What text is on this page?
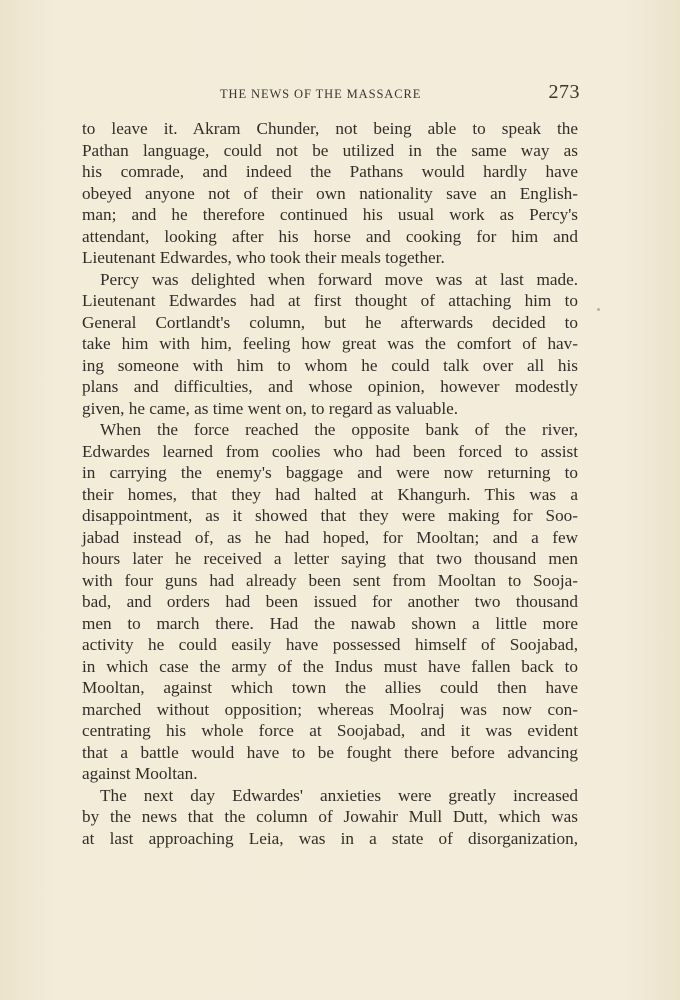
THE NEWS OF THE MASSACRE	273
to leave it. Akram Chunder, not being able to speak the
Pathan language, could not be utilized in the same way as
his comrade, and indeed the Pathans would hardly have
obeyed anyone not of their own nationality save an English-
man; and he therefore continued his usual work as Percy's
attendant, looking after his horse and cooking for him and
Lieutenant Edwardes, who took their meals together.
Percy was delighted when forward move was at last made.
Lieutenant Edwardes had at first thought of attaching him to
General Cortlandt's column, but he afterwards decided to
take him with him, feeling how great was the comfort of hav-
ing someone with him to whom he could talk over all his
plans and difficulties, and whose opinion, however modestly
given, he came, as time went on, to regard as valuable.
When the force reached the opposite bank of the river,
Edwardes learned from coolies who had been forced to assist
in carrying the enemy's baggage and were now returning to
their homes, that they had halted at Khangurh. This was a
disappointment, as it showed that they were making for Soo-
jabad instead of, as he had hoped, for Mooltan; and a few
hours later he received a letter saying that two thousand men
with four guns had already been sent from Mooltan to Sooja-
bad, and orders had been issued for another two thousand
men to march there. Had the nawab shown a little more
activity he could easily have possessed himself of Soojabad,
in which case the army of the Indus must have fallen back to
Mooltan, against which town the allies could then have
marched without opposition; whereas Moolraj was now con-
centrating his whole force at Soojabad, and it was evident
that a battle would have to be fought there before advancing
against Mooltan.
The next day Edwardes' anxieties were greatly increased
by the news that the column of Jowahir Mull Dutt, which was
at last approaching Leia, was in a state of disorganization,
